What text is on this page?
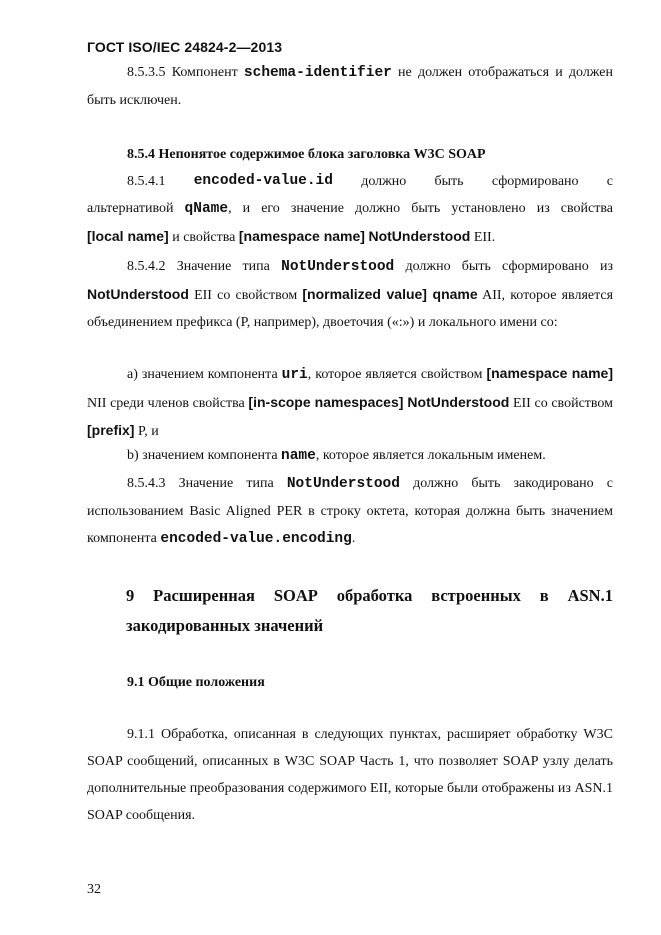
ГОСТ ISO/IEC 24824-2—2013
8.5.3.5 Компонент schema-identifier не должен отображаться и должен быть исключен.
8.5.4 Непонятое содержимое блока заголовка W3C SOAP
8.5.4.1 encoded-value.id должно быть сформировано с
альтернативой qName, и его значение должно быть установлено из свойства
[local name] и свойства [namespace name] NotUnderstood EII.
8.5.4.2 Значение типа NotUnderstood должно быть сформировано из NotUnderstood EII со свойством [normalized value] qname AII, которое является объединением префикса (P, например), двоеточия («:») и локального имени со:
a) значением компонента uri, которое является свойством [namespace name] NII среди членов свойства [in-scope namespaces] NotUnderstood EII со свойством [prefix] P, и
b) значением компонента name, которое является локальным именем.
8.5.4.3 Значение типа NotUnderstood должно быть закодировано с использованием Basic Aligned PER в строку октета, которая должна быть значением компонента encoded-value.encoding.
9 Расширенная SOAP обработка встроенных в ASN.1
закодированных значений
9.1 Общие положения
9.1.1 Обработка, описанная в следующих пунктах, расширяет обработку W3C SOAP сообщений, описанных в W3C SOAP Часть 1, что позволяет SOAP узлу делать дополнительные преобразования содержимого EII, которые были отображены из ASN.1 SOAP сообщения.
32
